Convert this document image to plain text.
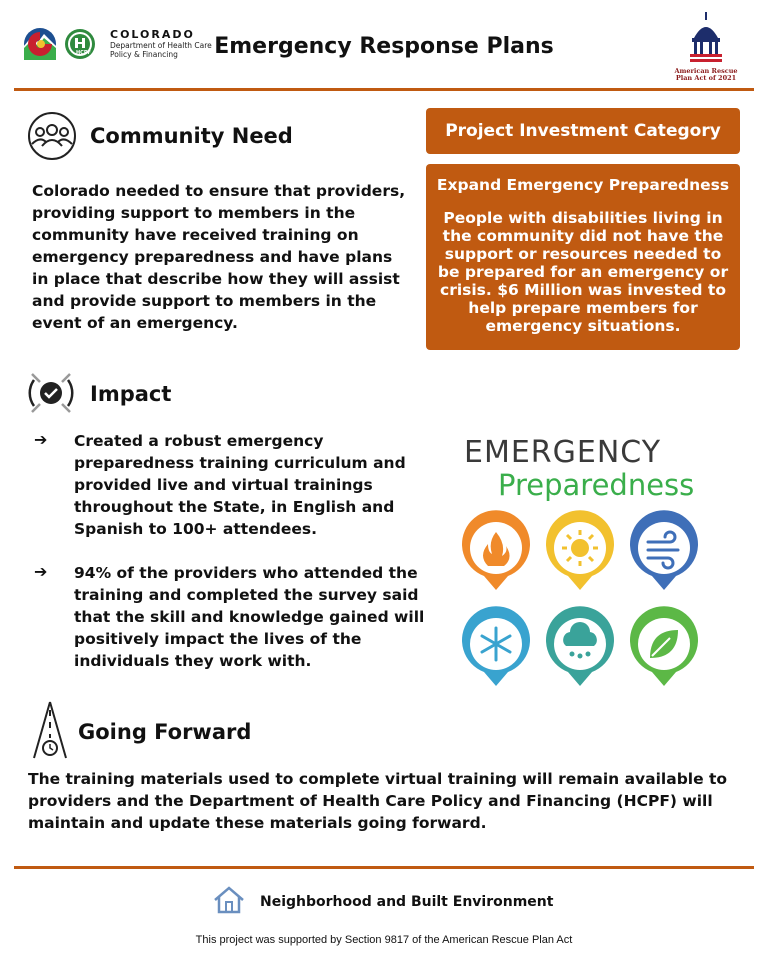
COLORADO
Department of Health Care
Policy & Financing
HCPF	Emergency Response Plans
American Rescue
Plan Act of 2021
Community Need
Colorado needed to ensure that providers, providing support to members in the community have received training on emergency preparedness and have plans in place that describe how they will assist and provide support to members in the event of an emergency.
Project Investment Category
Expand Emergency Preparedness
People with disabilities living in the community did not have the support or resources needed to be prepared for an emergency or crisis. $6 Million was invested to help prepare members for emergency situations.
Impact
➔	Created a robust emergency preparedness training curriculum and provided live and virtual trainings throughout the State, in English and Spanish to 100+ attendees.
➔	94% of the providers who attended the training and completed the survey said that the skill and knowledge gained will positively impact the lives of the individuals they work with.
EMERGENCY
Preparedness
Going Forward
The training materials used to complete virtual training will remain available to providers and the Department of Health Care Policy and Financing (HCPF) will maintain and update these materials going forward.
Neighborhood and Built Environment
This project was supported by Section 9817 of the American Rescue Plan Act
